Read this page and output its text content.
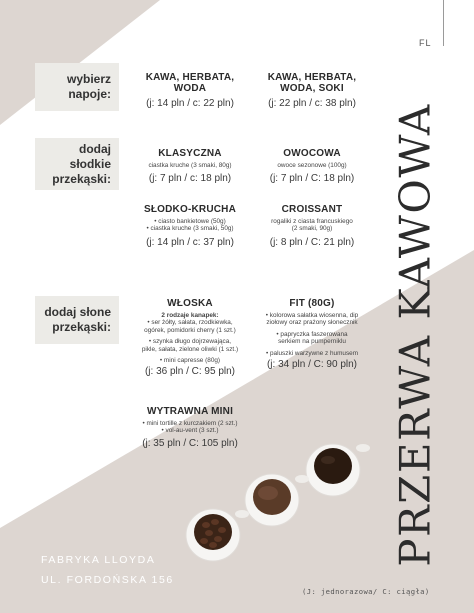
FL
wybierz
napoje:
dodaj słodkie
przekąski:
dodaj słone
przekąski:
KAWA, HERBATA,
WODA
(j: 14 pln / c: 22 pln)
KAWA, HERBATA,
WODA, SOKI
(j: 22 pln / c: 38 pln)
KLASYCZNA
ciastka kruche (3 smaki, 80g)
(j: 7 pln / c: 18 pln)
OWOCOWA
owoce sezonowe (100g)
(j: 7 pln / C: 18 pln)
SŁODKO-KRUCHA
• ciasto bankietowe (50g)
• ciastka kruche (3 smaki, 50g)
(j: 14 pln / c: 37 pln)
CROISSANT
rogaliki z ciasta francuskiego
(2 smaki, 90g)
(j: 8 pln / C: 21 pln)
WŁOSKA
2 rodzaje kanapek:
• ser żółty, sałata, rzodkiewka,
ogórek, pomidorki cherry (1 szt.)
• szynka długo dojrzewająca,
pikle, sałata, zielone oliwki (1 szt.)
• mini capresse (80g)
(j: 36 pln / C: 95 pln)
FIT (80G)
• kolorowa sałatka wiosenna, dip
ziołowy oraz prażony słonecznik
• papryczka faszerowana
serkiem na pumperniklu
• paluszki warzywne z humusem
(j: 34 pln / C: 90 pln)
WYTRAWNA MINI
• mini tortille z kurczakiem (2 szt.)
• vol-au-vent (3 szt.)
(j: 35 pln / C: 105 pln)	PRZERWA KAWOWA
FABRYKA LLOYDA
UL. FORDOŃSKA 156
(J: jednorazowa/ C: ciągła)
